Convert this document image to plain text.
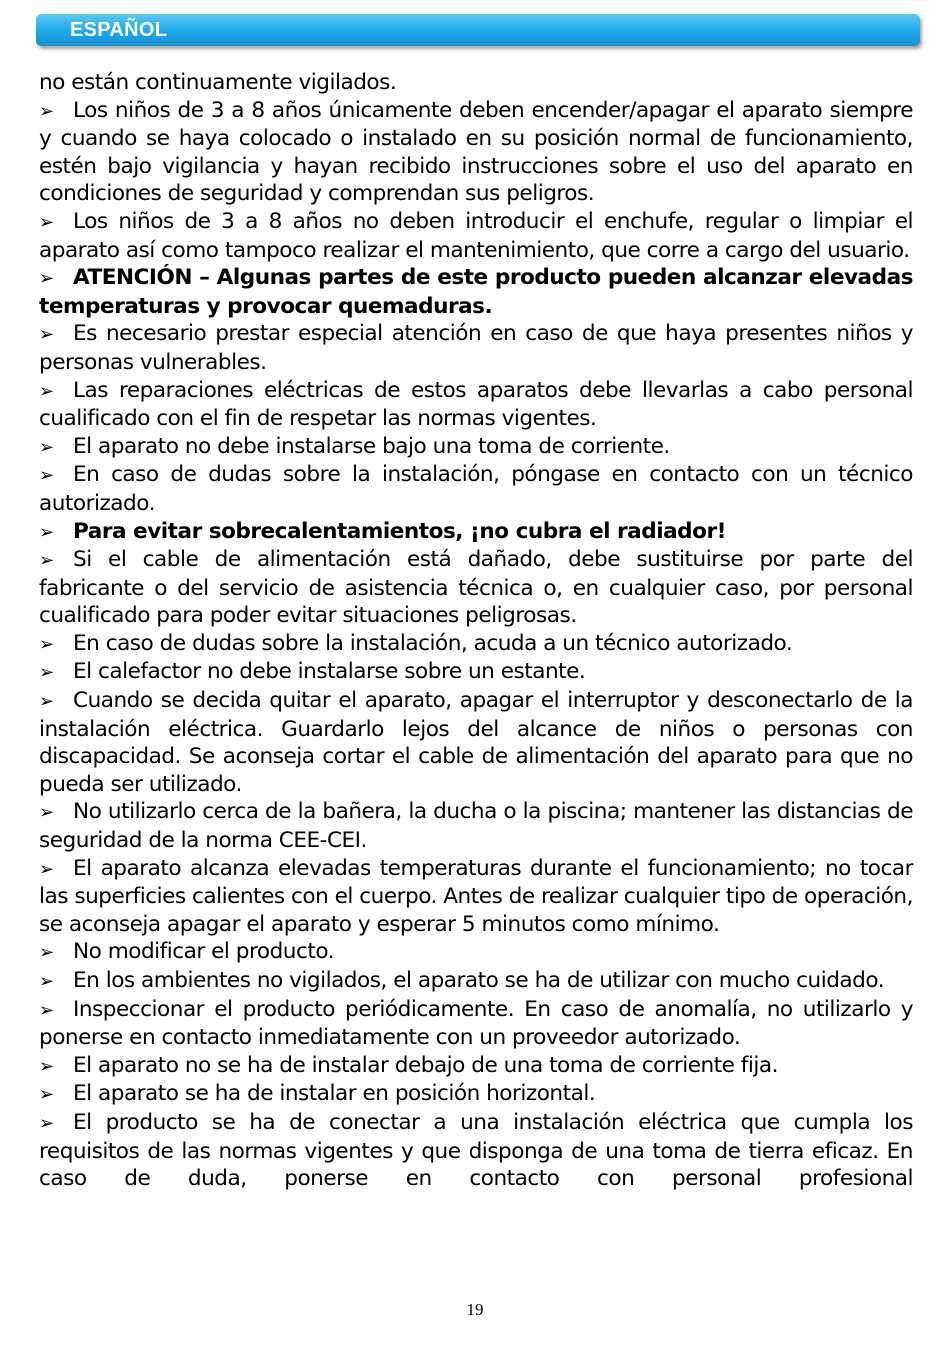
ESPAÑOL

no están continuamente vigilados.

➢ Los niños de 3 a 8 años únicamente deben encender/apagar el aparato siempre y cuando se haya colocado o instalado en su posición normal de funcionamiento, estén bajo vigilancia y hayan recibido instrucciones sobre el uso del aparato en condiciones de seguridad y comprendan sus peligros.

➢ Los niños de 3 a 8 años no deben introducir el enchufe, regular o limpiar el aparato así como tampoco realizar el mantenimiento, que corre a cargo del usuario.

➢ ATENCIÓN – Algunas partes de este producto pueden alcanzar elevadas temperaturas y provocar quemaduras.

➢ Es necesario prestar especial atención en caso de que haya presentes niños y personas vulnerables.

➢ Las reparaciones eléctricas de estos aparatos debe llevarlas a cabo personal cualificado con el fin de respetar las normas vigentes.

➢ El aparato no debe instalarse bajo una toma de corriente.

➢ En caso de dudas sobre la instalación, póngase en contacto con un técnico autorizado.

➢ Para evitar sobrecalentamientos, ¡no cubra el radiador!

➢ Si el cable de alimentación está dañado, debe sustituirse por parte del fabricante o del servicio de asistencia técnica o, en cualquier caso, por personal cualificado para poder evitar situaciones peligrosas.

➢ En caso de dudas sobre la instalación, acuda a un técnico autorizado.

➢ El calefactor no debe instalarse sobre un estante.

➢ Cuando se decida quitar el aparato, apagar el interruptor y desconectarlo de la instalación eléctrica. Guardarlo lejos del alcance de niños o personas con discapacidad. Se aconseja cortar el cable de alimentación del aparato para que no pueda ser utilizado.

➢ No utilizarlo cerca de la bañera, la ducha o la piscina; mantener las distancias de seguridad de la norma CEE-CEI.

➢ El aparato alcanza elevadas temperaturas durante el funcionamiento; no tocar las superficies calientes con el cuerpo. Antes de realizar cualquier tipo de operación, se aconseja apagar el aparato y esperar 5 minutos como mínimo.

➢ No modificar el producto.

➢ En los ambientes no vigilados, el aparato se ha de utilizar con mucho cuidado.

➢ Inspeccionar el producto periódicamente. En caso de anomalía, no utilizarlo y ponerse en contacto inmediatamente con un proveedor autorizado.

➢ El aparato no se ha de instalar debajo de una toma de corriente fija.

➢ El aparato se ha de instalar en posición horizontal.

➢ El producto se ha de conectar a una instalación eléctrica que cumpla los requisitos de las normas vigentes y que disponga de una toma de tierra eficaz. En caso de duda, ponerse en contacto con personal profesional

19
